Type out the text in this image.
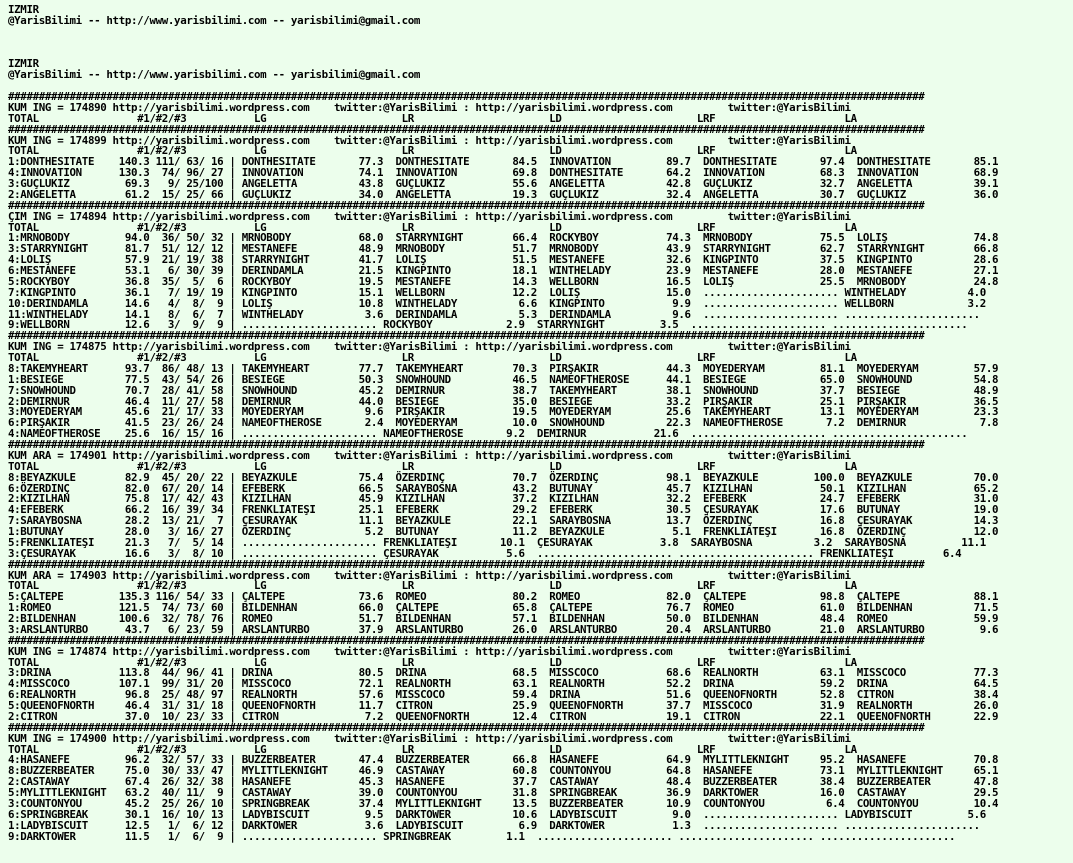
IZMIR
@YarisBilimi -- http://www.yarisbilimi.com -- yarisbilimi@gmail.com

IZMIR
@YarisBilimi -- http://www.yarisbilimi.com -- yarisbilimi@gmail.com

#####################################################################################################################################################
KUM ING = 174890 http://yarisbilimi.wordpress.com    twitter:@YarisBilimi : http://yarisbilimi.wordpress.com         twitter:@YarisBilimi
TOTAL                #1/#2/#3           LG                      LR                      LD                      LRF                     LA
#####################################################################################################################################################
KUM ING = 174899 http://yarisbilimi.wordpress.com    twitter:@YarisBilimi : http://yarisbilimi.wordpress.com         twitter:@YarisBilimi
TOTAL                #1/#2/#3           LG                      LR                      LD                      LRF                     LA
1:DONTHESITATE    140.3 111/ 63/ 16 | DONTHESITATE       77.3  DONTHESITATE       84.5  INNOVATION         89.7  DONTHESITATE       97.4  DONTHESITATE       85.1
4:INNOVATION      130.3  74/ 96/ 27 | INNOVATION         74.1  INNOVATION         69.8  DONTHESITATE       64.2  INNOVATION         68.3  INNOVATION         68.9
3:GUÇLUKIZ         69.3   9/ 25/100 | ANGELETTA          43.8  GUÇLUKIZ           55.6  ANGELETTA          42.8  GUÇLUKIZ           32.7  ANGELETTA          39.1
2:ANGELETTA        61.2  15/ 25/ 66 | GUÇLUKIZ           34.0  ANGELETTA          19.3  GUÇLUKIZ           32.4  ANGELETTA          30.7  GUÇLUKIZ           36.0
#####################################################################################################################################################
ÇIM ING = 174894 http://yarisbilimi.wordpress.com    twitter:@YarisBilimi : http://yarisbilimi.wordpress.com         twitter:@YarisBilimi
TOTAL                #1/#2/#3           LG                      LR                      LD                      LRF                     LA
1:MRNOBODY         94.0  36/ 50/ 32 | MRNOBODY           68.0  STARRYNIGHT        66.4  ROCKYBOY           74.3  MRNOBODY           75.5  LOLIŞ              74.8
3:STARRYNIGHT      81.7  51/ 12/ 12 | MESTANEFE          48.9  MRNOBODY           51.7  MRNOBODY           43.9  STARRYNIGHT        62.7  STARRYNIGHT        66.8
4:LOLIŞ            57.9  21/ 19/ 38 | STARRYNIGHT        41.7  LOLIŞ              51.5  MESTANEFE          32.6  KINGPINTO          37.5  KINGPINTO          28.6
6:MESTANEFE        53.1   6/ 30/ 39 | DERINDAMLA         21.5  KINGPINTO          18.1  WINTHELADY         23.9  MESTANEFE          28.0  MESTANEFE          27.1
5:ROCKYBOY         36.8  35/  5/  6 | ROCKYBOY           19.5  MESTANEFE          14.3  WELLBORN           16.5  LOLIŞ              25.5  MRNOBODY           24.8
7:KINGPINTO        36.1   7/ 19/ 19 | KINGPINTO          15.1  WELLBORN           12.2  LOLIŞ              15.0  ...................... WINTHELADY          4.0
10:DERINDAMLA      14.6   4/  8/  9 | LOLIŞ              10.8  WINTHELADY          6.6  KINGPINTO           9.9  ...................... WELLBORN            3.2
11:WINTHELADY      14.1   8/  6/  7 | WINTHELADY          3.6  DERINDAMLA          5.3  DERINDAMLA          9.6  ...................... ......................
9:WELLBORN         12.6   3/  9/  9 | ...................... ROCKYBOY            2.9  STARRYNIGHT         3.5  ...................... ......................
#####################################################################################################################################################
KUM ING = 174875 http://yarisbilimi.wordpress.com    twitter:@YarisBilimi : http://yarisbilimi.wordpress.com         twitter:@YarisBilimi
TOTAL                #1/#2/#3           LG                      LR                      LD                      LRF                     LA
8:TAKEMYHEART      93.7  86/ 48/ 13 | TAKEMYHEART        77.7  TAKEMYHEART        70.3  PIRŞAKIR           44.3  MOYEDERYAM         81.1  MOYEDERYAM         57.9
1:BESIEGE          77.5  43/ 54/ 26 | BESIEGE            50.3  SNOWHOUND          46.5  NAMEOFTHEROSE      44.1  BESIEGE            65.0  SNOWHOUND          54.8
7:SNOWHOUND        70.7  28/ 41/ 58 | SNOWHOUND          45.2  DEMIRNUR           38.7  TAKEMYHEART        38.1  SNOWHOUND          37.7  BESIEGE            48.9
2:DEMIRNUR         46.4  11/ 27/ 58 | DEMIRNUR           44.0  BESIEGE            35.0  BESIEGE            33.2  PIRŞAKIR           25.1  PIRŞAKIR           36.5
3:MOYEDERYAM       45.6  21/ 17/ 33 | MOYEDERYAM          9.6  PIRŞAKIR           19.5  MOYEDERYAM         25.6  TAKEMYHEART        13.1  MOYEDERYAM         23.3
6:PIRŞAKIR         41.5  23/ 26/ 24 | NAMEOFTHEROSE       2.4  MOYEDERYAM         10.0  SNOWHOUND          22.3  NAMEOFTHEROSE       7.2  DEMIRNUR            7.8
4:NAMEOFTHEROSE    25.6  16/ 15/ 16 | ...................... NAMEOFTHEROSE       9.2  DEMIRNUR           21.6  ...................... ......................
#####################################################################################################################################################
KUM ARA = 174901 http://yarisbilimi.wordpress.com    twitter:@YarisBilimi : http://yarisbilimi.wordpress.com         twitter:@YarisBilimi
TOTAL                #1/#2/#3           LG                      LR                      LD                      LRF                     LA
8:BEYAZKULE        82.9  45/ 20/ 22 | BEYAZKULE          75.4  ÖZERDINÇ           70.7  ÖZERDINÇ           98.1  BEYAZKULE         100.0  BEYAZKULE          70.0
6:ÖZERDINÇ         82.0  67/ 20/ 14 | EFEBERK            66.5  SARAYBOSNA         43.2  BUTUNAY            45.7  KIZILHAN           50.1  KIZILHAN           65.2
2:KIZILHAN         75.8  17/ 42/ 43 | KIZILHAN           45.9  KIZILHAN           37.2  KIZILHAN           32.2  EFEBERK            24.7  EFEBERK            31.0
4:EFEBERK          66.2  16/ 39/ 34 | FRENKLIATEŞI       25.1  EFEBERK            29.2  EFEBERK            30.5  ÇESURAYAK          17.6  BUTUNAY            19.0
7:SARAYBOSNA       28.2  13/ 21/  7 | ÇESURAYAK          11.1  BEYAZKULE          22.1  SARAYBOSNA         13.7  ÖZERDINÇ           16.8  ÇESURAYAK          14.3
1:BUTUNAY          28.0   3/ 16/ 27 | ÖZERDINÇ            5.2  BUTUNAY            11.2  BEYAZKULE           5.1  FRENKLIATEŞI       16.8  ÖZERDINÇ           12.0
5:FRENKLIATEŞI     21.3   7/  5/ 14 | ...................... FRENKLIATEŞI       10.1  ÇESURAYAK           3.8  SARAYBOSNA          3.2  SARAYBOSNA         11.1
3:ÇESURAYAK        16.6   3/  8/ 10 | ...................... ÇESURAYAK           5.6  ...................... ...................... FRENKLIATEŞI        6.4
#####################################################################################################################################################
KUM ARA = 174903 http://yarisbilimi.wordpress.com    twitter:@YarisBilimi : http://yarisbilimi.wordpress.com         twitter:@YarisBilimi
TOTAL                #1/#2/#3           LG                      LR                      LD                      LRF                     LA
5:ÇALTEPE         135.3 116/ 54/ 33 | ÇALTEPE            73.6  ROMEO              80.2  ROMEO              82.0  ÇALTEPE            98.8  ÇALTEPE            88.1
1:ROMEO           121.5  74/ 73/ 60 | BILDENHAN          66.0  ÇALTEPE            65.8  ÇALTEPE            76.7  ROMEO              61.0  BILDENHAN          71.5
2:BILDENHAN       100.6  32/ 78/ 76 | ROMEO              51.7  BILDENHAN          57.1  BILDENHAN          50.0  BILDENHAN          48.4  ROMEO              59.9
3:ARSLANTURBO      43.7   6/ 23/ 59 | ARSLANTURBO        37.9  ARSLANTURBO        26.0  ARSLANTURBO        20.4  ARSLANTURBO        21.0  ARSLANTURBO         9.6
#####################################################################################################################################################
KUM ING = 174874 http://yarisbilimi.wordpress.com    twitter:@YarisBilimi : http://yarisbilimi.wordpress.com         twitter:@YarisBilimi
TOTAL                #1/#2/#3           LG                      LR                      LD                      LRF                     LA
3:DRINA           113.8  44/ 96/ 41 | DRINA              80.5  DRINA              68.5  MISSCOCO           68.6  REALNORTH          63.1  MISSCOCO           77.3
4:MISSCOCO        107.1  99/ 31/ 20 | MISSCOCO           72.1  REALNORTH          63.1  REALNORTH          52.2  DRINA              59.2  DRINA              64.5
6:REALNORTH        96.8  25/ 48/ 97 | REALNORTH          57.6  MISSCOCO           59.4  DRINA              51.6  QUEENOFNORTH       52.8  CITRON             38.4
5:QUEENOFNORTH     46.4  31/ 31/ 18 | QUEENOFNORTH       11.7  CITRON             25.9  QUEENOFNORTH       37.7  MISSCOCO           31.9  REALNORTH          26.0
2:CITRON           37.0  10/ 23/ 33 | CITRON              7.2  QUEENOFNORTH       12.4  CITRON             19.1  CITRON             22.1  QUEENOFNORTH       22.9
#####################################################################################################################################################
KUM ING = 174900 http://yarisbilimi.wordpress.com    twitter:@YarisBilimi : http://yarisbilimi.wordpress.com         twitter:@YarisBilimi
TOTAL                #1/#2/#3           LG                      LR                      LD                      LRF                     LA
4:HASANEFE         96.2  32/ 57/ 33 | BUZZERBEATER       47.4  BUZZERBEATER       66.8  HASANEFE           64.9  MYLITTLEKNIGHT     95.2  HASANEFE           70.8
8:BUZZERBEATER     75.0  30/ 33/ 47 | MYLITTLEKNIGHT     46.9  CASTAWAY           60.8  COUNTONYOU         64.8  HASANEFE           73.1  MYLITTLEKNIGHT     65.1
2:CASTAWAY         67.4  26/ 32/ 38 | HASANEFE           45.3  HASANEFE           37.7  CASTAWAY           48.4  BUZZERBEATER       38.4  BUZZERBEATER       47.8
5:MYLITTLEKNIGHT   63.2  40/ 11/  9 | CASTAWAY           39.0  COUNTONYOU         31.8  SPRINGBREAK        36.9  DARKTOWER          16.0  CASTAWAY           29.5
3:COUNTONYOU       45.2  25/ 26/ 10 | SPRINGBREAK        37.4  MYLITTLEKNIGHT     13.5  BUZZERBEATER       10.9  COUNTONYOU          6.4  COUNTONYOU         10.4
6:SPRINGBREAK      30.1  16/ 10/ 13 | LADYBISCUIT         9.5  DARKTOWER          10.6  LADYBISCUIT         9.0  ...................... LADYBISCUIT         5.6
1:LADYBISCUIT      12.5   1/  6/ 12 | DARKTOWER           3.6  LADYBISCUIT         6.9  DARKTOWER           1.3  ...................... ......................
9:DARKTOWER        11.5   1/  6/  9 | ...................... SPRINGBREAK         1.1  ...................... ...................... ......................
